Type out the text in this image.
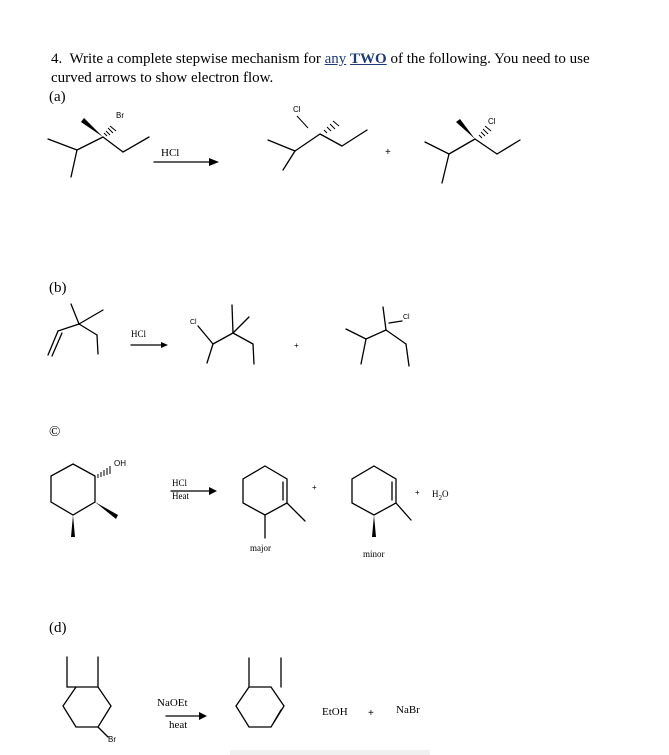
4. Write a complete stepwise mechanism for any TWO of the following. You need to use curved arrows to show electron flow.
(a)
(b)
©
(d)
Br
HCl
Cl
+
Cl
HCl
Cl
+
Cl
OH
HCl
Heat
+
+ $H_2O$
major
minor
Br
NaOEt
heat
EtOH + NaBr
